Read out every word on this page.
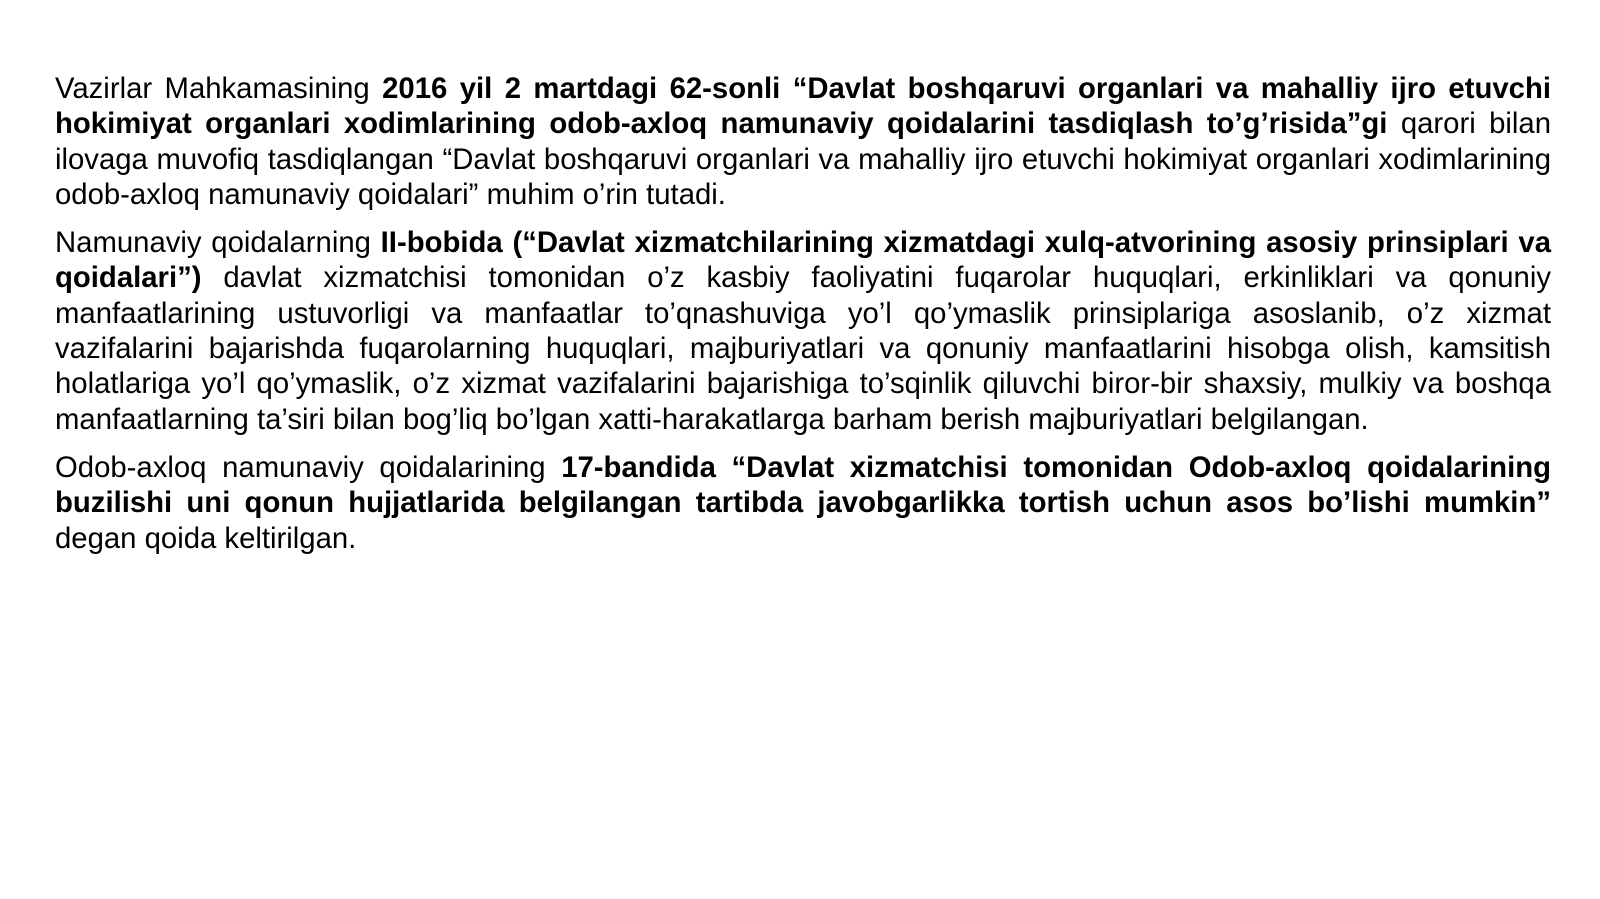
Vazirlar Mahkamasining 2016 yil 2 martdagi 62-sonli “Davlat boshqaruvi organlari va mahalliy ijro etuvchi hokimiyat organlari xodimlarining odob-axloq namunaviy qoidalarini tasdiqlash to’g’risida”gi qarori bilan ilovaga muvofiq tasdiqlangan “Davlat boshqaruvi organlari va mahalliy ijro etuvchi hokimiyat organlari xodimlarining odob-axloq namunaviy qoidalari” muhim o’rin tutadi.

Namunaviy qoidalarning II-bobida (“Davlat xizmatchilarining xizmatdagi xulq-atvorining asosiy prinsiplari va qoidalari”) davlat xizmatchisi tomonidan o’z kasbiy faoliyatini fuqarolar huquqlari, erkinliklari va qonuniy manfaatlarining ustuvorligi va manfaatlar to’qnashuviga yo’l qo’ymaslik prinsiplariga asoslanib, o’z xizmat vazifalarini bajarishda fuqarolarning huquqlari, majburiyatlari va qonuniy manfaatlarini hisobga olish, kamsitish holatlariga yo’l qo’ymaslik, o’z xizmat vazifalarini bajarishiga to’sqinlik qiluvchi biror-bir shaxsiy, mulkiy va boshqa manfaatlarning ta’siri bilan bog’liq bo’lgan xatti-harakatlarga barham berish majburiyatlari belgilangan.

Odob-axloq namunaviy qoidalarining 17-bandida “Davlat xizmatchisi tomonidan Odob-axloq qoidalarining buzilishi uni qonun hujjatlarida belgilangan tartibda javobgarlikka tortish uchun asos bo’lishi mumkin” degan qoida keltirilgan.
